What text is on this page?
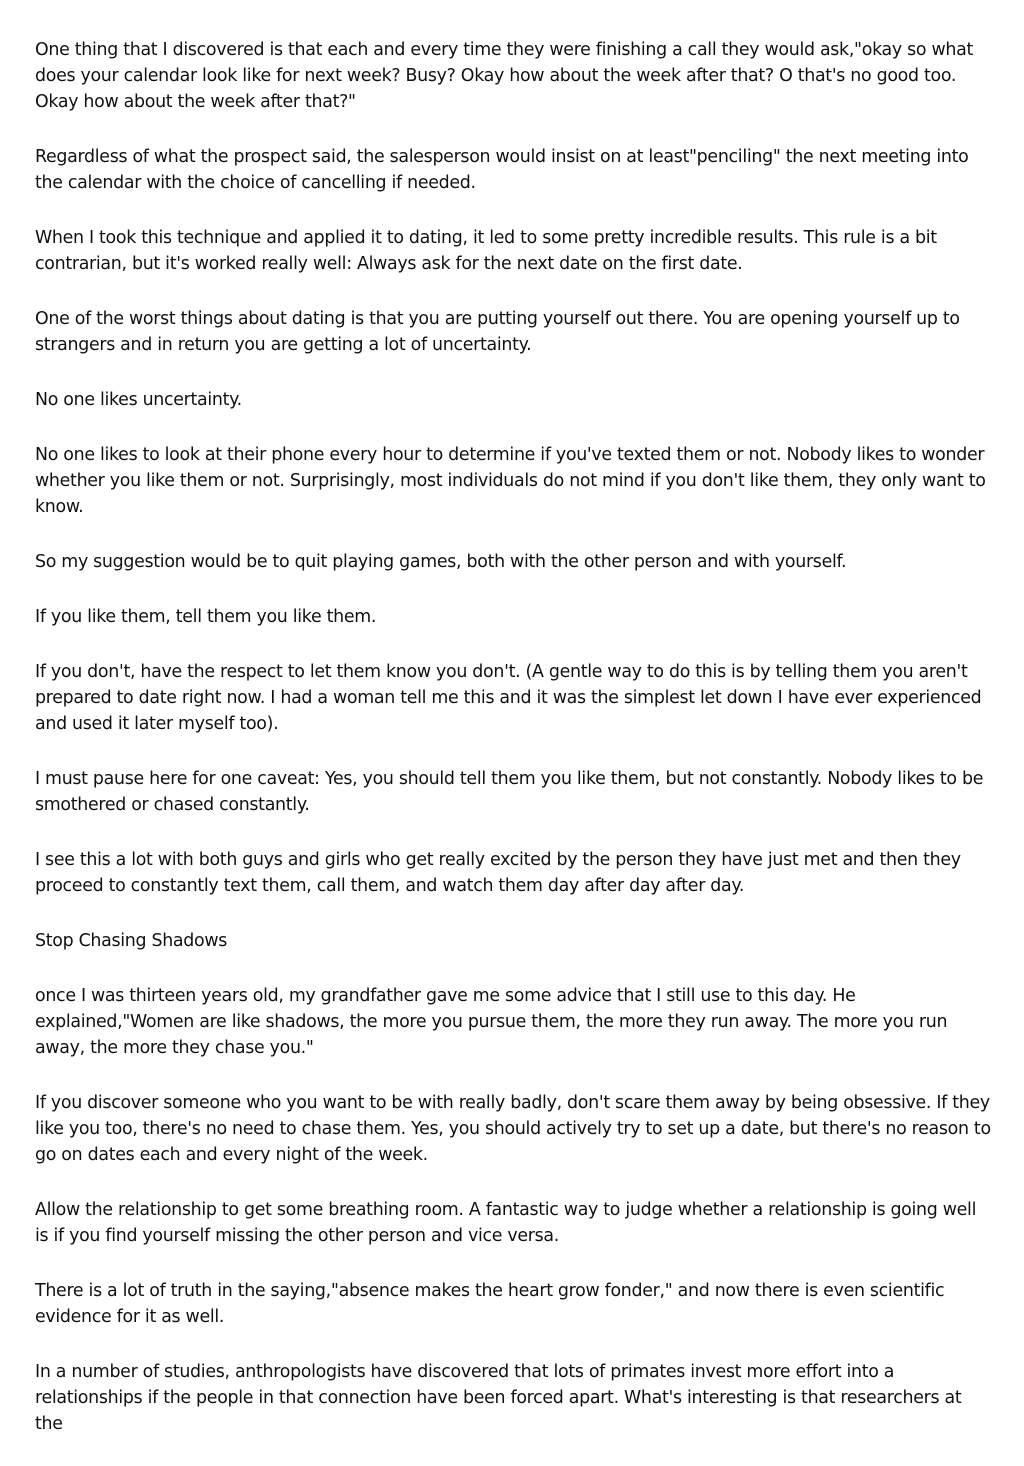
One thing that I discovered is that each and every time they were finishing a call they would ask,"okay so what does your calendar look like for next week? Busy? Okay how about the week after that? O that's no good too. Okay how about the week after that?"

Regardless of what the prospect said, the salesperson would insist on at least"penciling" the next meeting into the calendar with the choice of cancelling if needed.

When I took this technique and applied it to dating, it led to some pretty incredible results. This rule is a bit contrarian, but it's worked really well: Always ask for the next date on the first date.

One of the worst things about dating is that you are putting yourself out there. You are opening yourself up to strangers and in return you are getting a lot of uncertainty.

No one likes uncertainty.

No one likes to look at their phone every hour to determine if you've texted them or not. Nobody likes to wonder whether you like them or not. Surprisingly, most individuals do not mind if you don't like them, they only want to know.

So my suggestion would be to quit playing games, both with the other person and with yourself.

If you like them, tell them you like them.

If you don't, have the respect to let them know you don't. (A gentle way to do this is by telling them you aren't prepared to date right now. I had a woman tell me this and it was the simplest let down I have ever experienced and used it later myself too).

I must pause here for one caveat: Yes, you should tell them you like them, but not constantly. Nobody likes to be smothered or chased constantly.

I see this a lot with both guys and girls who get really excited by the person they have just met and then they proceed to constantly text them, call them, and watch them day after day after day.

Stop Chasing Shadows

once I was thirteen years old, my grandfather gave me some advice that I still use to this day. He explained,"Women are like shadows, the more you pursue them, the more they run away. The more you run away, the more they chase you."

If you discover someone who you want to be with really badly, don't scare them away by being obsessive. If they like you too, there's no need to chase them. Yes, you should actively try to set up a date, but there's no reason to go on dates each and every night of the week.

Allow the relationship to get some breathing room. A fantastic way to judge whether a relationship is going well is if you find yourself missing the other person and vice versa.

There is a lot of truth in the saying,"absence makes the heart grow fonder," and now there is even scientific evidence for it as well.

In a number of studies, anthropologists have discovered that lots of primates invest more effort into a relationships if the people in that connection have been forced apart. What's interesting is that researchers at the
